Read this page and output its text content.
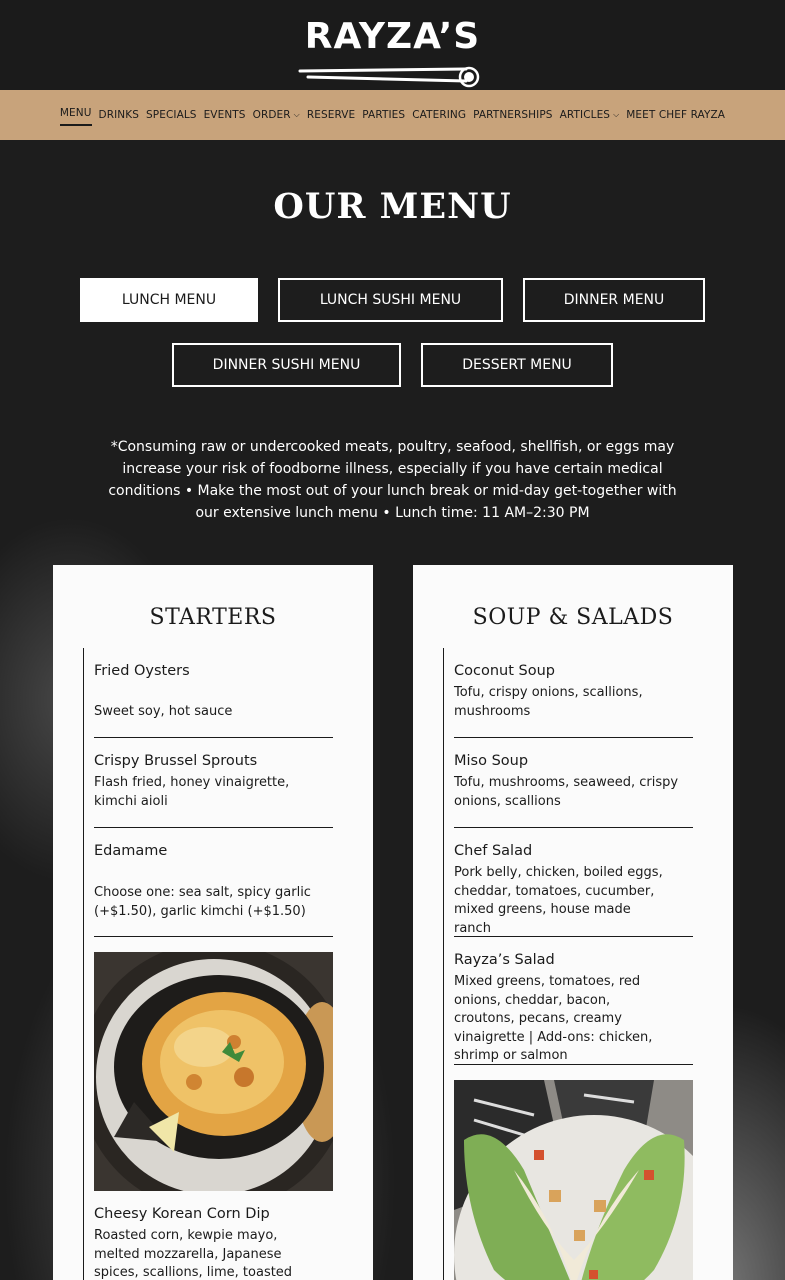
RAYZA’S
MENU DRINKS SPECIALS EVENTS ORDER ⌵ RESERVE PARTIES CATERING PARTNERSHIPS ARTICLES ⌵ MEET CHEF RAYZA
OUR MENU
LUNCH MENU	LUNCH SUSHI MENU	DINNER MENU
DINNER SUSHI MENU	DESSERT MENU
*Consuming raw or undercooked meats, poultry, seafood, shellfish, or eggs may increase your risk of foodborne illness, especially if you have certain medical conditions • Make the most out of your lunch break or mid-day get-together with our extensive lunch menu • Lunch time: 11 AM–2:30 PM
STARTERS
Fried Oysters
Sweet soy, hot sauce
Crispy Brussel Sprouts
Flash fried, honey vinaigrette, kimchi aioli
Edamame
Choose one: sea salt, spicy garlic (+$1.50), garlic kimchi (+$1.50)
Cheesy Korean Corn Dip
Roasted corn, kewpie mayo, melted mozzarella, Japanese spices, scallions, lime, toasted
SOUP & SALADS
Coconut Soup
Tofu, crispy onions, scallions, mushrooms
Miso Soup
Tofu, mushrooms, seaweed, crispy onions, scallions
Chef Salad
Pork belly, chicken, boiled eggs, cheddar, tomatoes, cucumber, mixed greens, house made ranch
Rayza’s Salad
Mixed greens, tomatoes, red onions, cheddar, bacon, croutons, pecans, creamy vinaigrette | Add-ons: chicken, shrimp or salmon
